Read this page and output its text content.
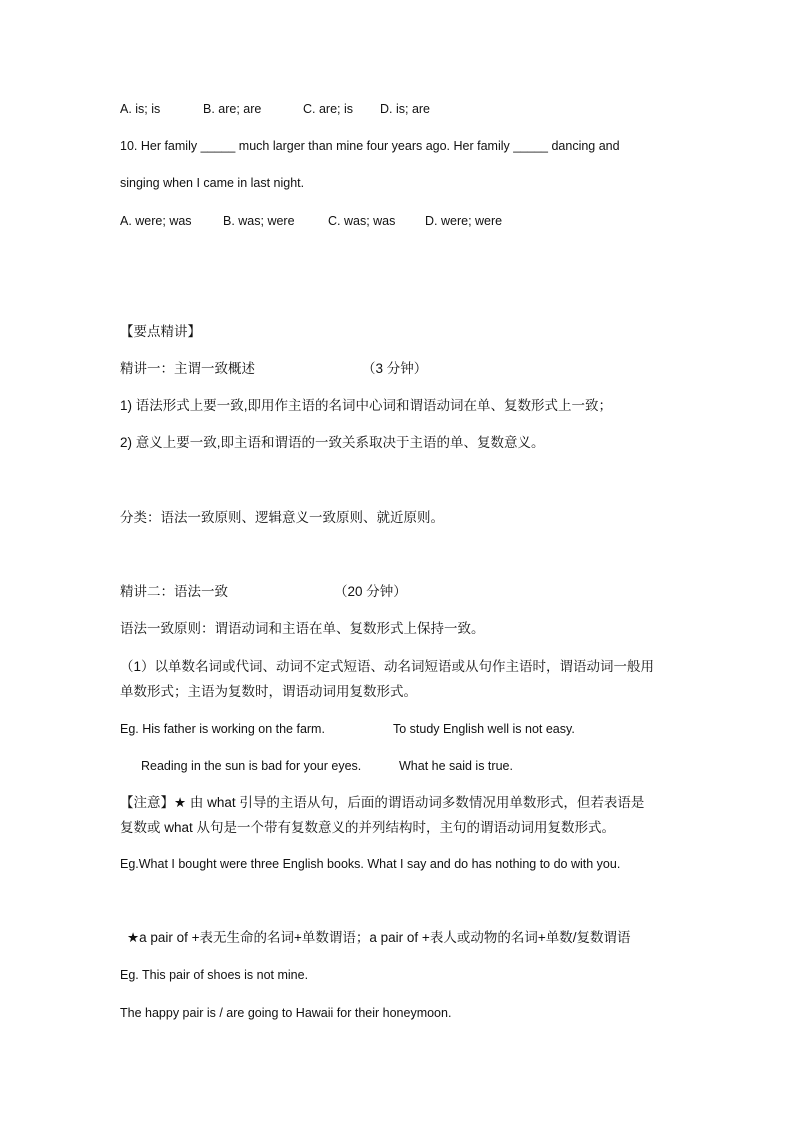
A. is; is	B. are; are	C. are; is D. is; are
10. Her family _____ much larger than mine four years ago. Her family _____ dancing and
singing when I came in last night.
A. were; was	B. was; were	C. was; was D. were; were
【要点精讲】
精讲一：主谓一致概述	（3 分钟）
1) 语法形式上要一致,即用作主语的名词中心词和谓语动词在单、复数形式上一致；
2) 意义上要一致,即主语和谓语的一致关系取决于主语的单、复数意义。
分类：语法一致原则、逻辑意义一致原则、就近原则。
精讲二：语法一致	（20 分钟）
语法一致原则：谓语动词和主语在单、复数形式上保持一致。
（1）以单数名词或代词、动词不定式短语、动名词短语或从句作主语时，谓语动词一般用
单数形式；主语为复数时，谓语动词用复数形式。
Eg. His father is working on the farm.	To study English well is not easy.
Reading in the sun is bad for your eyes.	What he said is true.
【注意】★ 由 what 引导的主语从句，后面的谓语动词多数情况用单数形式，但若表语是
复数或 what 从句是一个带有复数意义的并列结构时，主句的谓语动词用复数形式。
Eg.What I bought were three English books. What I say and do has nothing to do with you.
★a pair of +表无生命的名词+单数谓语；a pair of +表人或动物的名词+单数/复数谓语
Eg. This pair of shoes is not mine.
The happy pair is / are going to Hawaii for their honeymoon.
